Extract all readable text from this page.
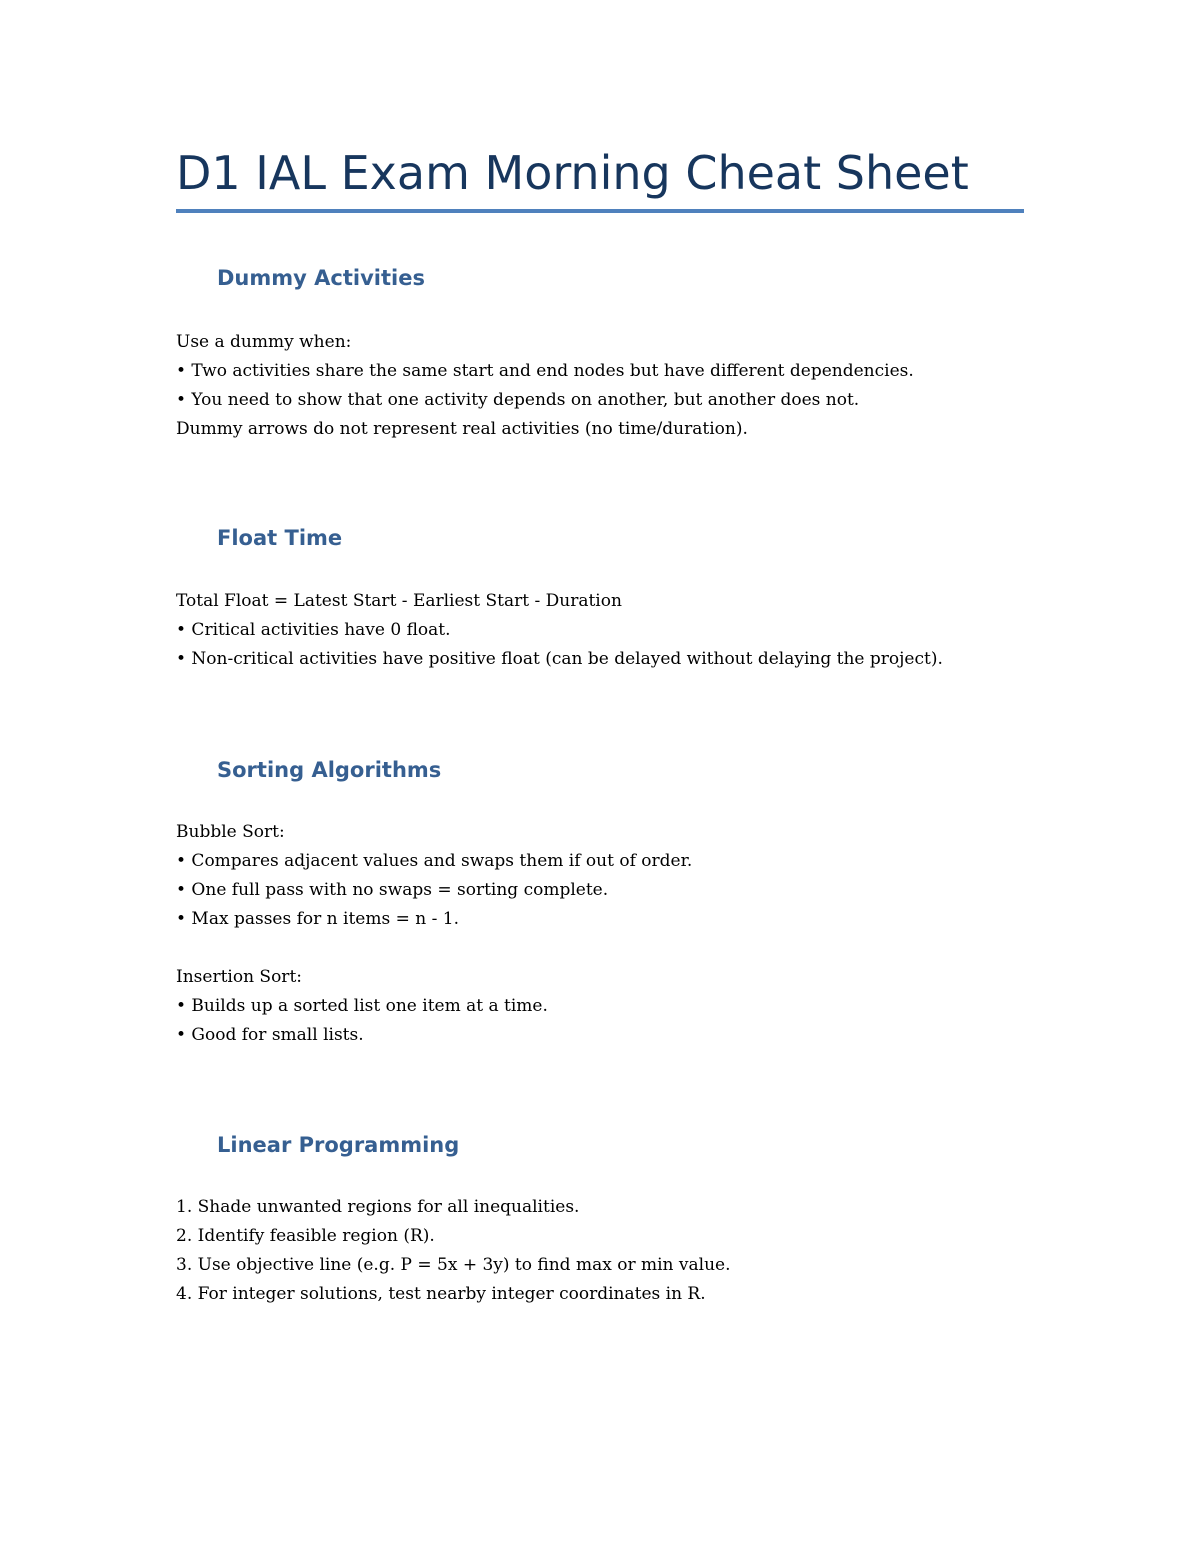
D1 IAL Exam Morning Cheat Sheet
Dummy Activities
Use a dummy when:
• Two activities share the same start and end nodes but have different dependencies.
• You need to show that one activity depends on another, but another does not.
Dummy arrows do not represent real activities (no time/duration).
Float Time
Total Float = Latest Start - Earliest Start - Duration
• Critical activities have 0 float.
• Non-critical activities have positive float (can be delayed without delaying the project).
Sorting Algorithms
Bubble Sort:
• Compares adjacent values and swaps them if out of order.
• One full pass with no swaps = sorting complete.
• Max passes for n items = n - 1.
Insertion Sort:
• Builds up a sorted list one item at a time.
• Good for small lists.
Linear Programming
1. Shade unwanted regions for all inequalities.
2. Identify feasible region (R).
3. Use objective line (e.g. P = 5x + 3y) to find max or min value.
4. For integer solutions, test nearby integer coordinates in R.
